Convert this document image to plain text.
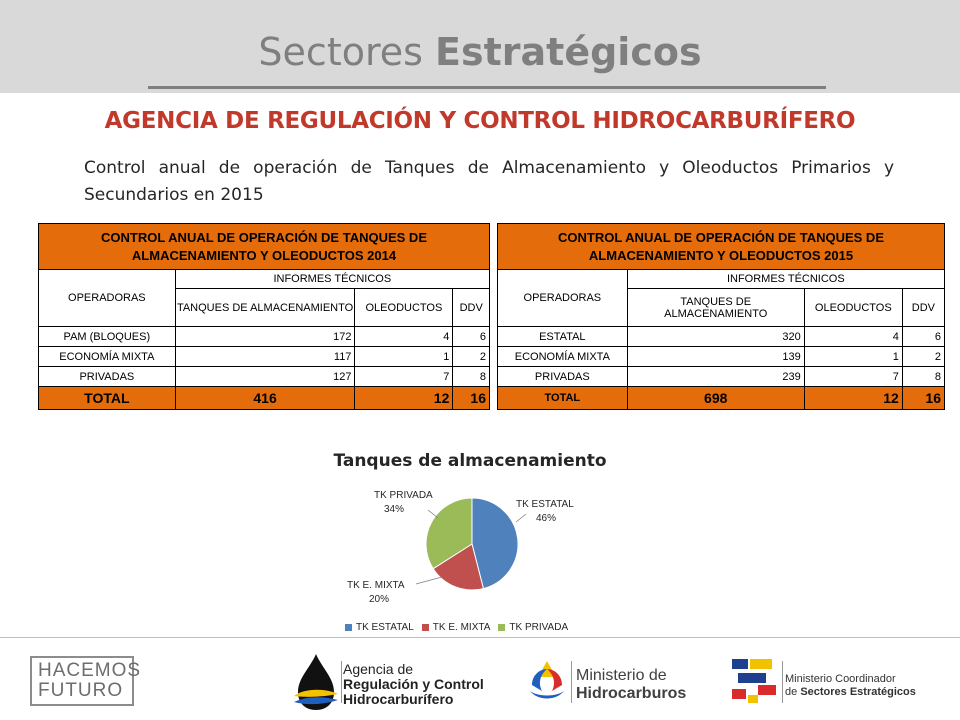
Sectores Estratégicos
AGENCIA DE REGULACIÓN Y CONTROL HIDROCARBURÍFERO
Control anual de operación de Tanques de Almacenamiento y Oleoductos Primarios y Secundarios en 2015
CONTROL ANUAL DE OPERACIÓN DE TANQUES DE ALMACENAMIENTO Y OLEODUCTOS 2014			
OPERADORAS	INFORMES TÉCNICOS		
	TANQUES DE ALMACENAMIENTO	OLEODUCTOS	DDV
PAM (BLOQUES)	172	4	6
ECONOMÍA MIXTA	117	1	2
PRIVADAS	127	7	8
TOTAL	416	12	16
CONTROL ANUAL DE OPERACIÓN DE TANQUES DE ALMACENAMIENTO Y OLEODUCTOS 2015			
OPERADORAS	INFORMES TÉCNICOS		
	TANQUES DE ALMACENAMIENTO	OLEODUCTOS	DDV
ESTATAL	320	4	6
ECONOMÍA MIXTA	139	1	2
PRIVADAS	239	7	8
TOTAL	698	12	16
Tanques de almacenamiento
TK ESTATAL
46%
TK E. MIXTA
20%
TK PRIVADA
34%
TK ESTATAL TK E. MIXTA TK PRIVADA
HACEMOS
FUTURO
Agencia de
Regulación y Control
Hidrocarburífero
Ministerio de
Hidrocarburos
Ministerio Coordinador
de Sectores Estratégicos
